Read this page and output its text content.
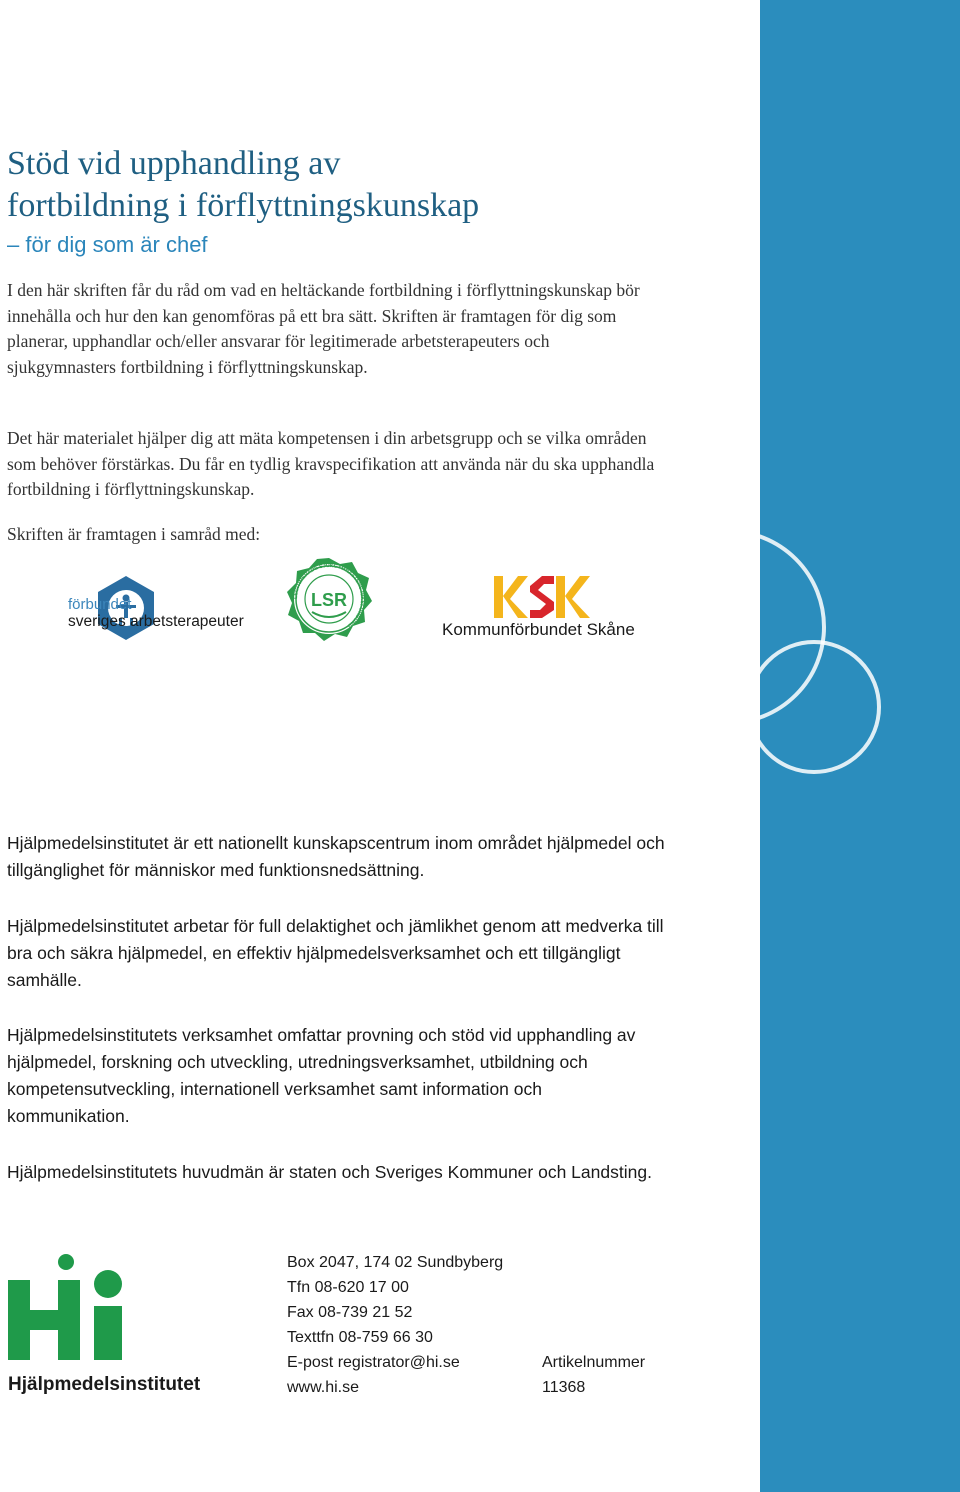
© Hjälpmedelsinstitutet (HI), 2011. Bilder: Anna Sigvardsson. Författare: Kicki Reifeldt. Tryckeri: Mixi Print AB, 2011
Stöd vid upphandling av
fortbildning i förflyttningskunskap
– för dig som är chef

I den här skriften får du råd om vad en heltäckande fortbildning i förflyttningskunskap bör innehålla och hur den kan genomföras på ett bra sätt. Skriften är framtagen för dig som planerar, upphandlar och/eller ansvarar för legitimerade arbetsterapeuters och sjukgymnasters fortbildning i förflyttningskunskap.

Det här materialet hjälper dig att mäta kompetensen i din arbetsgrupp och se vilka områden som behöver förstärkas. Du får en tydlig kravspecifikation att använda när du ska upphandla fortbildning i förflyttningskunskap.

Skriften är framtagen i samråd med:

förbundet
sveriges arbetsterapeuter
LEGITIMERADE SJUKGYMNASTERS RIKSFÖRBUND
LSR
Kommunförbundet Skåne

Hjälpmedelsinstitutet är ett nationellt kunskapscentrum inom området hjälpmedel och tillgänglighet för människor med funktionsnedsättning.

Hjälpmedelsinstitutet arbetar för full delaktighet och jämlikhet genom att medverka till bra och säkra hjälpmedel, en effektiv hjälpmedelsverksamhet och ett tillgängligt samhälle.

Hjälpmedelsinstitutets verksamhet omfattar provning och stöd vid upphandling av hjälpmedel, forskning och utveckling, utredningsverksamhet, utbildning och kompetensutveckling, internationell verksamhet samt information och kommunikation.

Hjälpmedelsinstitutets huvudmän är staten och Sveriges Kommuner och Landsting.

Hjälpmedelsinstitutet
Box 2047, 174 02 Sundbyberg
Tfn 08-620 17 00
Fax 08-739 21 52
Texttfn 08-759 66 30
E-post registrator@hi.se
www.hi.se
Artikelnummer
11368
